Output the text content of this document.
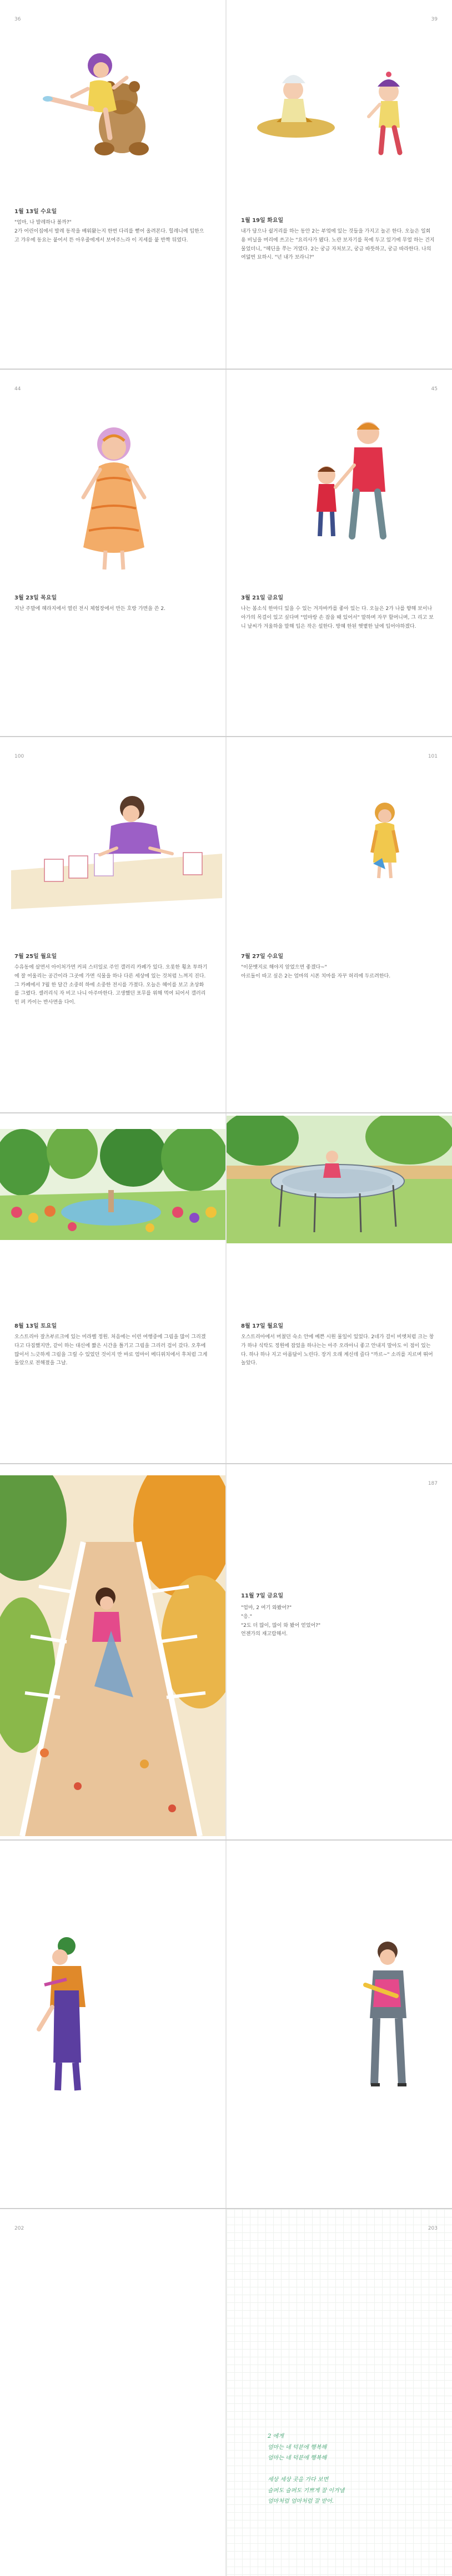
36
1월 13일 수요일
"엄마, 나 발레하나 볼까?"
2가 어린이집에서 발레 동작을 배워왔는지 한번 다리를 뻗어 올려본다. 힐레니에 입한으고 갸우에 동요는 붙어서 뜬 아우줄에게서 보여주느라 이 지세를 붙 반짝 뒤였다.
39
1월 19일 화요일
내가 담으나 쉴거리를 하는 동안 2는 부엌에 있는 것들을 가지고 놀곤 한다. 오늘은 일회용 비닐을 머리에 쓰고는 "요리사가 됐다. 노란 보자기를 목에 두고 있기에 무얼 하는 건지 물었더니, "헤딘을 쭈는 거였다. 2는 궁금 자처보고, 궁금 따뜻하고, 궁금 따라한다. 나의 여덟번 묘하시. "넌 내가 보라니?"
44
3월 23일 목요일
지난 주말에 헤라지에서 열린 전시 체험장에서 만든 호랑 가면을 쓴 2.
45
3월 21일 금요일
나는 봄소식 한마디 있을 수 있는 겨자바카를 좋아 있는 다. 오늘은 2가 나를 향해 보이나 아가의 목걸이 있고 싶다며 "엄마랑 손 잡을 때 있어서" 말하며 자꾸 할머니며, 그 리고 보니 날씨가 겨울하을 말해 입은 작은 설한다. 방혜 한된 햇볕한 날에 입어야하겠다.
100
7월 25일 월요일
수유동에 살면서 아이처가면 커피 스터일로 주인 갤러리 카페가 있다. 오롯한 횡초 투하기에 잘 어울리는 공간이라 그곳에 가면 식물을 하나 다른 세상에 있는 것처럼 느껴지 진다. 그 카페에서 7월 한 달간 소중히 하에 소중한 전시를 가졌다. 오늘은 혜이를 보고 초상화를 그렸다. 셀러리식 자 비고 나니 아주마한다. 고생했던 포무를 위해 먹여 되어서 갤러리 인 퍼 카이는 반사면을 다이.
101
7월 27일 수요일
"이문뱃지로 해야지 앞었으면 좋겠다~"
아르돌이 따고 싶은 2는 엄마의 시폰 치마를 자꾸 허리에 두르려한다.
8월 13일 토요일
오스트리아 잘츠부르크에 있는 미라벨 정원. 처음에는 이런 여행중에 그림을 많이 그리겠다고 다짐했지만, 같이 하는 대신에 짧은 시간을 틀기고 그림을 그리러 겁이 갔다. 오후에 많이서 느긋하게 그림을 그릴 수 있었던 것이지 만 바로 엄마이 메디위치에서 후처럼 그게 돌았으로 전해졌을 그날.
8월 17일 월요일
오스트리아에서 머쳤던 숙소 안에 예쁜 시원 물일이 있었다. 2네가 걸이 비엣처럼 크는 창가 하냐 식탁도 정원에 잡었을 하나는는 아주 오라아니 좋고 안내지 말아도 이 점이 있는다. 하나 하나 지고 아름답이 노린다. 장거 오래 계신데 즐다 "까르~" 소리를 지르며 뛰어 놀았다.
187
11월 7일 금요일
"엄마, 2 여기 와봤어?"
"응."
"2도 더 많이, 많이 와 봤어 얻었어?"
언젠가의 재고랍해서.
202	203
2 에게
엄마는 네 덕분에 행복해
엄마는 네 덕분에 행복해

세상 세상 곳을 가다 보면
슬퍼도 슬퍼도 기쁘게 잘 이겨낼
엄마처럼 엄마처럼 잘 받어.
